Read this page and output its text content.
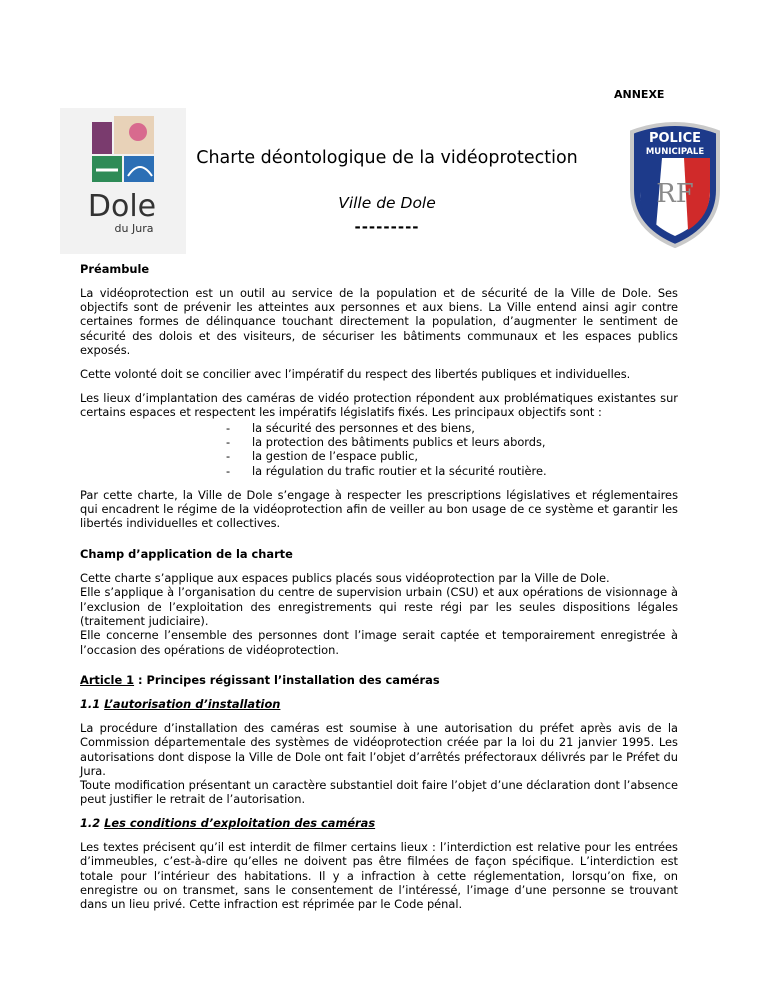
ANNEXE
Dole
du Jura
Charte déontologique de la vidéoprotection
Ville de Dole
---------
POLICE
MUNICIPALE
RF
Préambule

La vidéoprotection est un outil au service de la population et de sécurité de la Ville de Dole. Ses objectifs sont de prévenir les atteintes aux personnes et aux biens. La Ville entend ainsi agir contre certaines formes de délinquance touchant directement la population, d’augmenter le sentiment de sécurité des dolois et des visiteurs, de sécuriser les bâtiments communaux et les espaces publics exposés.

Cette volonté doit se concilier avec l’impératif du respect des libertés publiques et individuelles.

Les lieux d’implantation des caméras de vidéo protection répondent aux problématiques existantes sur certains espaces et respectent les impératifs législatifs fixés. Les principaux objectifs sont :

- la sécurité des personnes et des biens,
- la protection des bâtiments publics et leurs abords,
- la gestion de l’espace public,
- la régulation du trafic routier et la sécurité routière.

Par cette charte, la Ville de Dole s’engage à respecter les prescriptions législatives et réglementaires qui encadrent le régime de la vidéoprotection afin de veiller au bon usage de ce système et garantir les libertés individuelles et collectives.

Champ d’application de la charte

Cette charte s’applique aux espaces publics placés sous vidéoprotection par la Ville de Dole.

Elle s’applique à l’organisation du centre de supervision urbain (CSU) et aux opérations de visionnage à l’exclusion de l’exploitation des enregistrements qui reste régi par les seules dispositions légales (traitement judiciaire).

Elle concerne l’ensemble des personnes dont l’image serait captée et temporairement enregistrée à l’occasion des opérations de vidéoprotection.

Article 1 : Principes régissant l’installation des caméras
1.1 L’autorisation d’installation

La procédure d’installation des caméras est soumise à une autorisation du préfet après avis de la Commission départementale des systèmes de vidéoprotection créée par la loi du 21 janvier 1995. Les autorisations dont dispose la Ville de Dole ont fait l’objet d’arrêtés préfectoraux délivrés par le Préfet du Jura.

Toute modification présentant un caractère substantiel doit faire l’objet d’une déclaration dont l’absence peut justifier le retrait de l’autorisation.

1.2 Les conditions d’exploitation des caméras

Les textes précisent qu’il est interdit de filmer certains lieux : l’interdiction est relative pour les entrées d’immeubles, c’est-à-dire qu’elles ne doivent pas être filmées de façon spécifique. L’interdiction est totale pour l’intérieur des habitations. Il y a infraction à cette réglementation, lorsqu’on fixe, on enregistre ou on transmet, sans le consentement de l’intéressé, l’image d’une personne se trouvant dans un lieu privé. Cette infraction est réprimée par le Code pénal.
